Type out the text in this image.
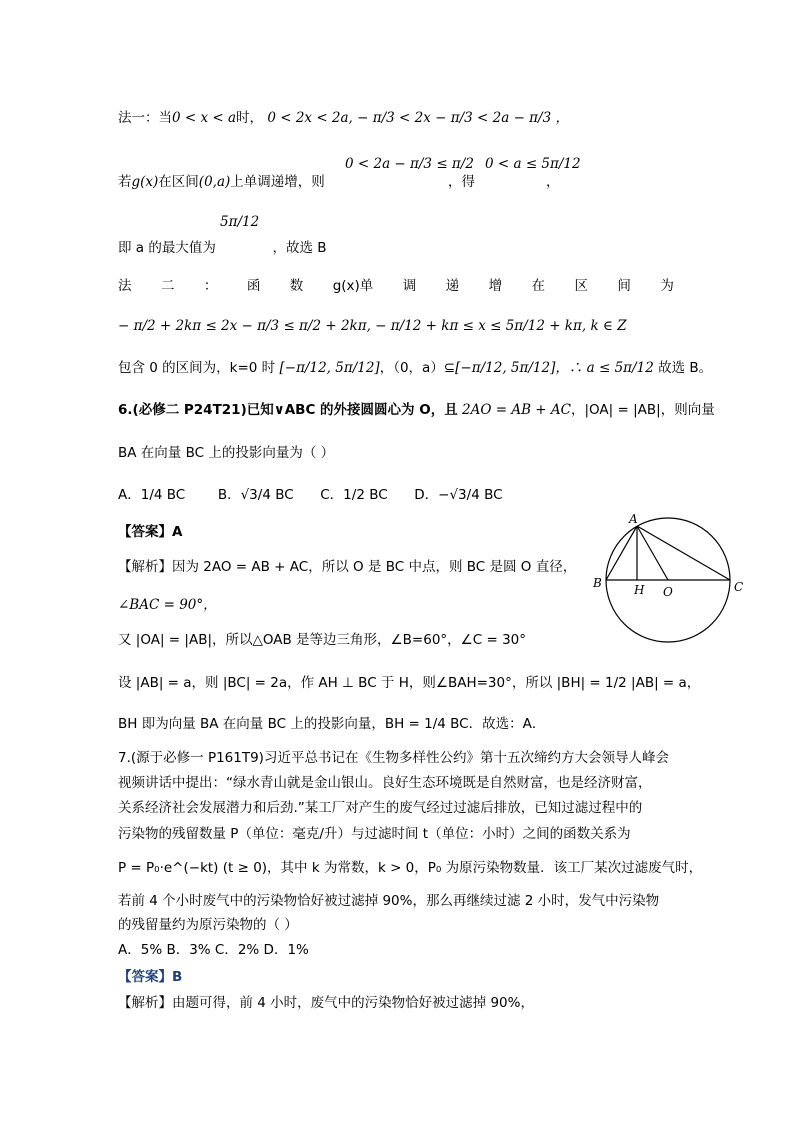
法一：当0 < x < a时， 0 < 2x < 2a, − π/3 < 2x − π/3 < 2a − π/3 ，
若g(x)在区间(0,a)上单调递增，则
0 < 2a − π/3 ≤ π/2
，得
0 < a ≤ 5π/12
，
5π/12
即 a 的最大值为	，故选 B
法 二 ： 函 数 g(x)单 调 递 增 在 区 间 为
− π/2 + 2kπ ≤ 2x − π/3 ≤ π/2 + 2kπ, − π/12 + kπ ≤ x ≤ 5π/12 + kπ, k ∈ Z
包含 0 的区间为，k=0 时 [−π/12, 5π/12]，（0，a）⊆[−π/12, 5π/12]，∴ a ≤ 5π/12 故选 B。
6.(必修二 P24T21)已知∨ABC 的外接圆圆心为 O，且 2AO = AB + AC，|OA| = |AB|，则向量
BA 在向量 BC 上的投影向量为（ ）
A．1/4 BC B．√3/4 BC C．1/2 BC D．−√3/4 BC
【答案】A
【解析】因为 2AO = AB + AC，所以 O 是 BC 中点，则 BC 是圆 O 直径，
∠BAC = 90°，
又 |OA| = |AB|，所以△OAB 是等边三角形，∠B=60°，∠C = 30°
设 |AB| = a，则 |BC| = 2a，作 AH ⊥ BC 于 H，则∠BAH=30°，所以 |BH| = 1/2 |AB| = a，
BH 即为向量 BA 在向量 BC 上的投影向量，BH = 1/4 BC．故选：A．
A
B	C
H O
7.(源于必修一 P161T9)习近平总书记在《生物多样性公约》第十五次缔约方大会领导人峰会
视频讲话中提出：“绿水青山就是金山银山。良好生态环境既是自然财富，也是经济财富，
关系经济社会发展潜力和后劲.”某工厂对产生的废气经过过滤后排放，已知过滤过程中的
污染物的残留数量 P（单位：毫克/升）与过滤时间 t（单位：小时）之间的函数关系为
P = P₀·e^(−kt) (t ≥ 0)，其中 k 为常数，k > 0，P₀ 为原污染物数量．该工厂某次过滤废气时，
若前 4 个小时废气中的污染物恰好被过滤掉 90%，那么再继续过滤 2 小时，发气中污染物
的残留量约为原污染物的（ ）
A．5% B．3% C．2% D．1%
【答案】B
【解析】由题可得，前 4 小时，废气中的污染物恰好被过滤掉 90%，
